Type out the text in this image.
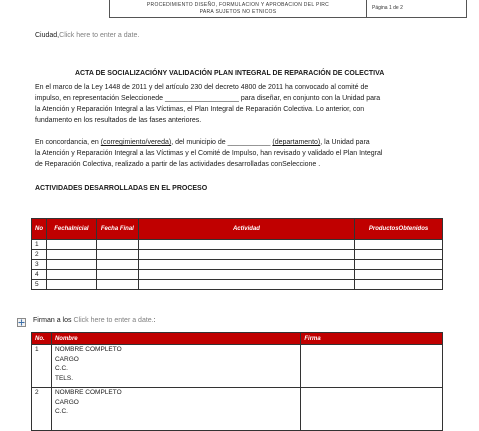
PROCEDIMIENTO DISEÑO, FORMULACION Y APROBACION DEL PIRC
PARA SUJETOS NO ETNICOS
Página 1 de 2
Ciudad,Click here to enter a date.
ACTA DE SOCIALIZACIÓNY VALIDACIÓN PLAN INTEGRAL DE REPARACIÓN DE COLECTIVA
En el marco de la Ley 1448 de 2011 y del artículo 230 del decreto 4800 de 2011 ha convocado al comité de
impulso, en representación Seleccionede ___________________ para diseñar, en conjunto con la Unidad para
la Atención y Reparación Integral a las Víctimas, el Plan Integral de Reparación Colectiva. Lo anterior, con
fundamento en los resultados de las fases anteriores.
En concordancia, en (corregimiento/vereda), del municipio de ___________ (departamento), la Unidad para
la Atención y Reparación Integral a las Víctimas y el Comité de Impulso, han revisado y validado el Plan Integral
de Reparación Colectiva, realizado a partir de las actividades desarrolladas conSeleccione .
ACTIVIDADES DESARROLLADAS EN EL PROCESO
No	FechaInicial	Fecha Final	Actividad	ProductosObtenidos
1				
2				
3				
4				
5				
Firman a los Click here to enter a date.:
No.	Nombre	Firma
1	NOMBRE COMPLETO
CARGO
C.C.
TELS.	

2	NOMBRE COMPLETO
CARGO
C.C.	
